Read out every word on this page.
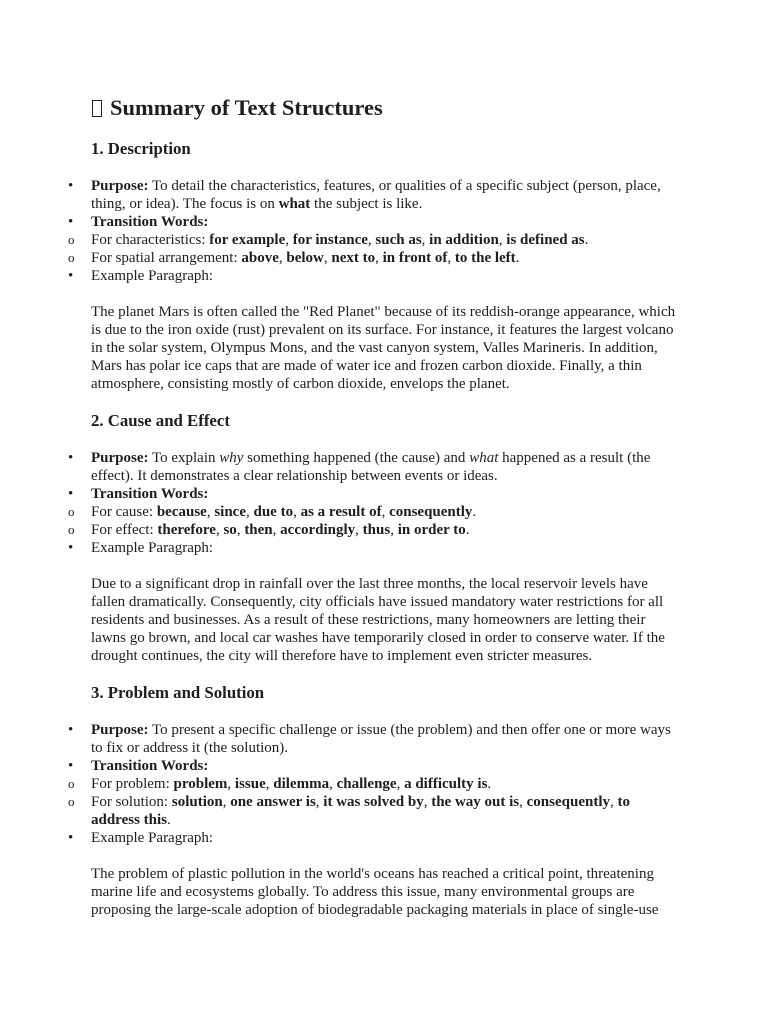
Summary of Text Structures
1. Description
• Purpose: To detail the characteristics, features, or qualities of a specific subject (person, place, thing, or idea). The focus is on what the subject is like.
• Transition Words:
o For characteristics: for example, for instance, such as, in addition, is defined as.
o For spatial arrangement: above, below, next to, in front of, to the left.
• Example Paragraph:

The planet Mars is often called the "Red Planet" because of its reddish-orange appearance, which is due to the iron oxide (rust) prevalent on its surface. For instance, it features the largest volcano in the solar system, Olympus Mons, and the vast canyon system, Valles Marineris. In addition, Mars has polar ice caps that are made of water ice and frozen carbon dioxide. Finally, a thin atmosphere, consisting mostly of carbon dioxide, envelops the planet.

2. Cause and Effect
• Purpose: To explain why something happened (the cause) and what happened as a result (the effect). It demonstrates a clear relationship between events or ideas.
• Transition Words:
o For cause: because, since, due to, as a result of, consequently.
o For effect: therefore, so, then, accordingly, thus, in order to.
• Example Paragraph:

Due to a significant drop in rainfall over the last three months, the local reservoir levels have fallen dramatically. Consequently, city officials have issued mandatory water restrictions for all residents and businesses. As a result of these restrictions, many homeowners are letting their lawns go brown, and local car washes have temporarily closed in order to conserve water. If the drought continues, the city will therefore have to implement even stricter measures.

3. Problem and Solution
• Purpose: To present a specific challenge or issue (the problem) and then offer one or more ways to fix or address it (the solution).
• Transition Words:
o For problem: problem, issue, dilemma, challenge, a difficulty is.
o For solution: solution, one answer is, it was solved by, the way out is, consequently, to address this.
• Example Paragraph:

The problem of plastic pollution in the world's oceans has reached a critical point, threatening marine life and ecosystems globally. To address this issue, many environmental groups are proposing the large-scale adoption of biodegradable packaging materials in place of single-use
